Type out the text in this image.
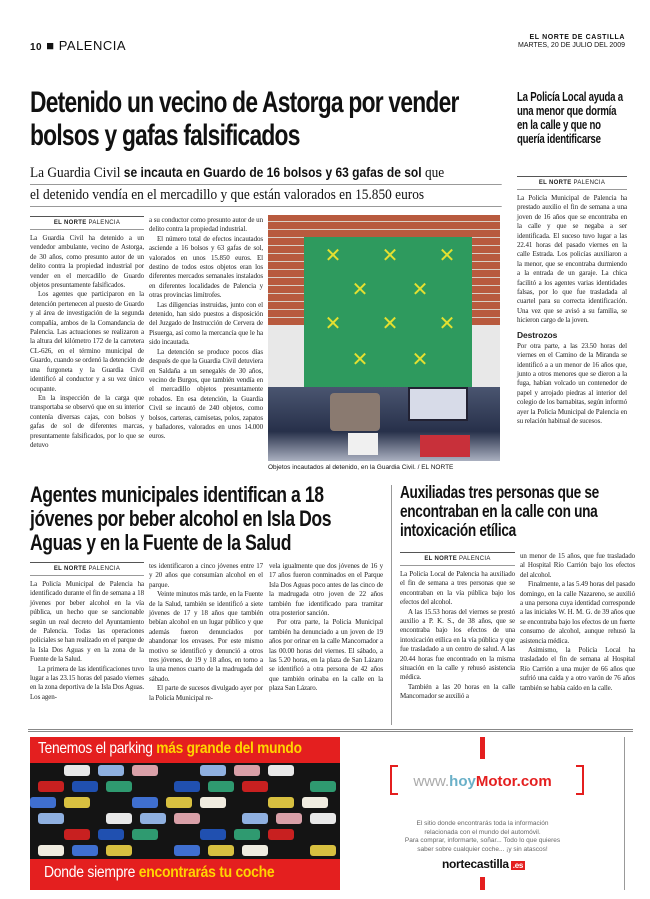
10 ■ PALENCIA
EL NORTE DE CASTILLA
MARTES, 20 DE JULIO DEL 2009
Detenido un vecino de Astorga por vender bolsos y gafas falsificados
La Guardia Civil se incauta en Guardo de 16 bolsos y 63 gafas de sol que
el detenido vendía en el mercadillo y que están valorados en 15.850 euros
EL NORTE PALENCIA

La Guardia Civil ha detenido a un vendedor ambulante, vecino de Astorga, de 30 años, como presunto autor de un delito contra la propiedad industrial por vender en el mercadillo de Guardo objetos presuntamente falsificados.

Los agentes que participaron en la detención pertenecen al puesto de Guardo y al área de investigación de la segunda compañía, ambos de la Comandancia de Palencia. Las actuaciones se realizaron a la altura del kilómetro 172 de la carretera CL-626, en el término municipal de Guardo, cuando se ordenó la detención de una furgoneta y la Guardia Civil identificó al conductor y a su vez único ocupante.

En la inspección de la carga que transportaba se observó que en su interior contenía diversas cajas, con bolsos y gafas de sol de diferentes marcas, presuntamente falsificados, por lo que se detuvo

a su conductor como presunto autor de un delito contra la propiedad industrial.

El número total de efectos incautados asciende a 16 bolsos y 63 gafas de sol, valorados en unos 15.850 euros. El destino de todos estos objetos eran los diferentes mercados semanales instalados en diferentes localidades de Palencia y otras provincias limítrofes.

Las diligencias instruidas, junto con el detenido, han sido puestos a disposición del Juzgado de Instrucción de Cervera de Pisuerga, así como la mercancía que le ha sido incautada.

La detención se produce pocos días después de que la Guardia Civil detuviera en Saldaña a un senegalés de 30 años, vecino de Burgos, que también vendía en el mercadillo objetos presuntamente robados. En esa detención, la Guardia Civil se incautó de 240 objetos, como bolsos, carteras, camisetas, polos, zapatos y bañadores, valorados en unos 14.000 euros.

✕ ✕ ✕
✕ ✕
✕ ✕ ✕
✕ ✕
Objetos incautados al detenido, en la Guardia Civil. / EL NORTE
La Policía Local ayuda a una menor que dormía en la calle y que no quería identificarse
EL NORTE PALENCIA

La Policía Municipal de Palencia ha prestado auxilio el fin de semana a una joven de 16 años que se encontraba en la calle y que se negaba a ser identificada. El suceso tuvo lugar a las 22.41 horas del pasado viernes en la calle Estrada. Los policías auxiliaron a la menor, que se encontraba durmiendo a la entrada de un garaje. La chica facilitó a los agentes varias identidades falsas, por lo que fue trasladada al cuartel para su correcta identificación. Una vez que se avisó a su familia, se hicieron cargo de la joven.

Destrozos

Por otra parte, a las 23.50 horas del viernes en el Camino de la Miranda se identificó a a un menor de 16 años que, junto a otros menores que se dieron a la fuga, habían volcado un contenedor de papel y arrojado piedras al interior del colegio de los barnabitas, según informó ayer la Policía Municipal de Palencia en su relación habitual de sucesos.

Agentes municipales identifican a 18 jóvenes por beber alcohol en Isla Dos Aguas y en la Fuente de la Salud
Auxiliadas tres personas que se encontraban en la calle con una intoxicación etílica
EL NORTE PALENCIA

La Policía Municipal de Palencia ha identificado durante el fin de semana a 18 jóvenes por beber alcohol en la vía pública, un hecho que se sancionable según un real decreto del Ayuntamiento de Palencia. Todas las operaciones policiales se han realizado en el parque de la Isla Dos Aguas y en la zona de la Fuente de la Salud.

La primera de las identificaciones tuvo lugar a las 23.15 horas del pasado viernes en la zona deportiva de la Isla Dos Aguas. Los agen-

tes identificaron a cinco jóvenes entre 17 y 20 años que consumían alcohol en el parque.

Veinte minutos más tarde, en la Fuente de la Salud, también se identificó a siete jóvenes de 17 y 18 años que también bebían alcohol en un lugar público y que además fueron denunciados por abandonar los envases. Por este mismo motivo se identificó y denunció a otros tres jóvenes, de 19 y 18 años, en torno a la una menos cuarto de la madrugada del sábado.

El parte de sucesos divulgado ayer por la Policía Municipal re-

vela igualmente que dos jóvenes de 16 y 17 años fueron conminados en el Parque Isla Dos Aguas poco antes de las cinco de la madrugada otro joven de 22 años también fue identificado para tramitar otra posterior sanción.

Por otra parte, la Policía Municipal también ha denunciado a un joven de 19 años por orinar en la calle Mancornador a las 00.00 horas del viernes. El sábado, a las 5.20 horas, en la plaza de San Lázaro se identificó a otra persona de 42 años que también orinaba en la calle en la plaza San Lázaro.

EL NORTE PALENCIA

La Policía Local de Palencia ha auxiliado el fin de semana a tres personas que se encontraban en la vía pública bajo los efectos del alcohol.

A las 15.53 horas del viernes se prestó auxilio a P. K. S., de 38 años, que se encontraba bajo los efectos de una intoxicación etílica en la vía pública y que fue trasladado a un centro de salud. A las 20.44 horas fue encontrado en la misma situación en la calle y rehusó asistencia médica.

También a las 20 horas en la calle Mancornador se auxilió a

un menor de 15 años, que fue trasladado al Hospital Río Carrión bajo los efectos del alcohol.

Finalmente, a las 5.49 horas del pasado domingo, en la calle Nazareno, se auxilió a una persona cuya identidad corresponde a las iniciales W. H. M. G. de 39 años que se encontraba bajo los efectos de un fuerte consumo de alcohol, aunque rehusó la asistencia médica.

Asimismo, la Policía Local ha trasladado el fin de semana al Hospital Río Carrión a una mujer de 66 años que sufrió una caída y a otro varón de 76 años también se había caído en la calle.

Tenemos el parking más grande del mundo
Donde siempre encontrarás tu coche
www.hoyMotor.com
El sitio donde encontrarás toda la información
relacionada con el mundo del automóvil.
Para comprar, informarte, soñar... Todo lo que quieres
saber sobre cualquier coche... ¡y sin atascos!
nortecastilla .es
